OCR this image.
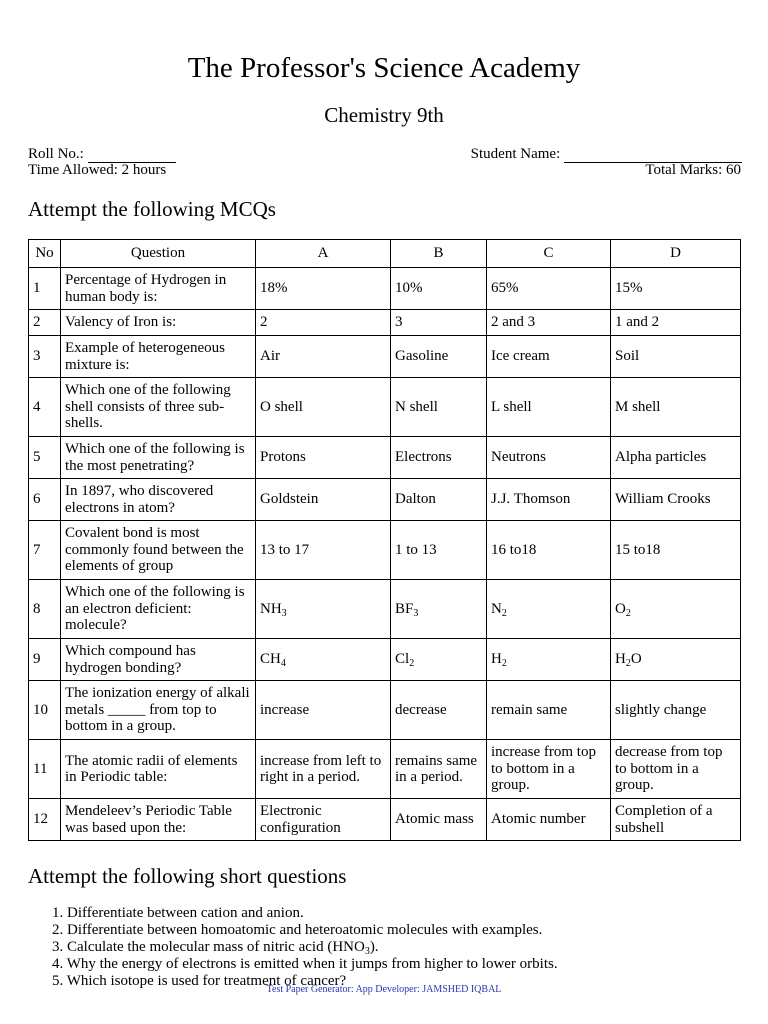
The Professor's Science Academy
Chemistry 9th
Roll No.:
Time Allowed: 2 hours
Student Name:
Total Marks: 60
Attempt the following MCQs
No	Question	A	B	C	D
1	Percentage of Hydrogen in human body is:	18%	10%	65%	15%
2	Valency of Iron is:	2	3	2 and 3	1 and 2
3	Example of heterogeneous mixture is:	Air	Gasoline	Ice cream	Soil
4	Which one of the following shell consists of three sub-shells.	O shell	N shell	L shell	M shell
5	Which one of the following is the most penetrating?	Protons	Electrons	Neutrons	Alpha particles
6	In 1897, who discovered electrons in atom?	Goldstein	Dalton	J.J. Thomson	William Crooks
7	Covalent bond is most commonly found between the elements of group	13 to 17	1 to 13	16 to18	15 to18
8	Which one of the following is an electron deficient: molecule?	$NH_3$	$BF_3$	$N_2$	$O_2$
9	Which compound has hydrogen bonding?	$CH_4$	$Cl_2$	$H_2$	$H_2O$
10	The ionization energy of alkali metals _____ from top to bottom in a group.	increase	decrease	remain same	slightly change
11	The atomic radii of elements in Periodic table:	increase from left to right in a period.	remains same in a period.	increase from top to bottom in a group.	decrease from top to bottom in a group.
12	Mendeleev’s Periodic Table was based upon the:	Electronic configuration	Atomic mass	Atomic number	Completion of a subshell
Attempt the following short questions
1. Differentiate between cation and anion.
2. Differentiate between homoatomic and heteroatomic molecules with examples.
3. Calculate the molecular mass of nitric acid $(HNO_3)$.
4. Why the energy of electrons is emitted when it jumps from higher to lower orbits.
5. Which isotope is used for treatment of cancer?
Test Paper Generator: App Developer: JAMSHED IQBAL
